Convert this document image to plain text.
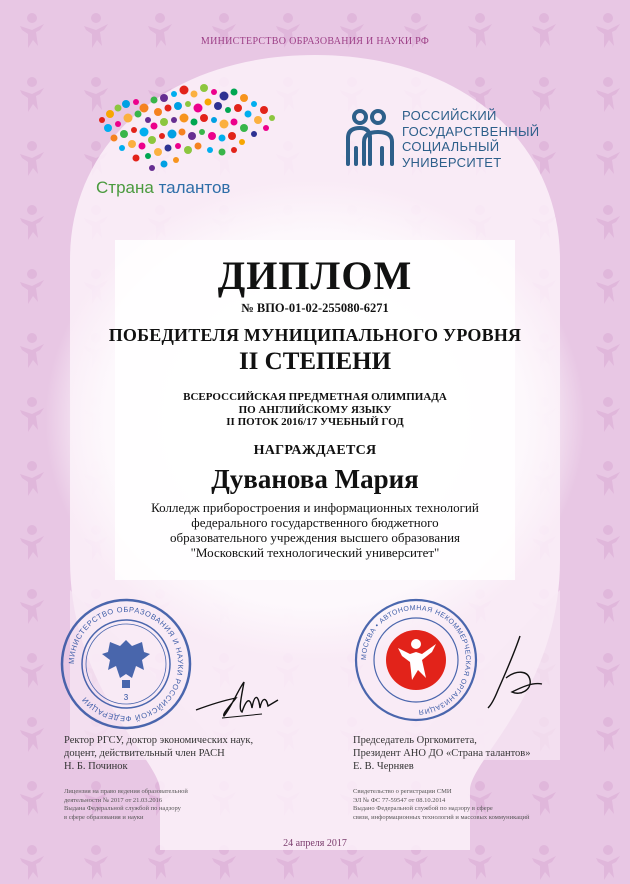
МИНИСТЕРСТВО ОБРАЗОВАНИЯ И НАУКИ РФ
Страна талантов
РОССИЙСКИЙ
ГОСУДАРСТВЕННЫЙ
СОЦИАЛЬНЫЙ
УНИВЕРСИТЕТ
ДИПЛОМ
№ ВПО-01-02-255080-6271
ПОБЕДИТЕЛЯ МУНИЦИПАЛЬНОГО УРОВНЯ
II СТЕПЕНИ
ВСЕРОССИЙСКАЯ ПРЕДМЕТНАЯ ОЛИМПИАДА
ПО АНГЛИЙСКОМУ ЯЗЫКУ
II ПОТОК 2016/17 УЧЕБНЫЙ ГОД
НАГРАЖДАЕТСЯ
Дуванова Мария
Колледж приборостроения и информационных технологий
федерального государственного бюджетного
образовательного учреждения высшего образования
"Московский технологический университет"
МИНИСТЕРСТВО ОБРАЗОВАНИЯ И НАУКИ РОССИЙСКОЙ ФЕДЕРАЦИИ	3
МОСКВА • АВТОНОМНАЯ НЕКОММЕРЧЕСКАЯ ОРГАНИЗАЦИЯ
Ректор РГСУ, доктор экономических наук,
доцент, действительный член РАСН
Н. Б. Починок
Председатель Оргкомитета,
Президент АНО ДО «Страна талантов»
Е. В. Черняев
Лицензия на право ведения образовательной
деятельности № 2017 от 21.03.2016
Выдана Федеральной службой по надзору
в сфере образования и науки
Свидетельство о регистрации СМИ
ЭЛ № ФС 77-59547 от 08.10.2014
Выдано Федеральной службой по надзору в сфере
связи, информационных технологий и массовых коммуникаций
24 апреля 2017
